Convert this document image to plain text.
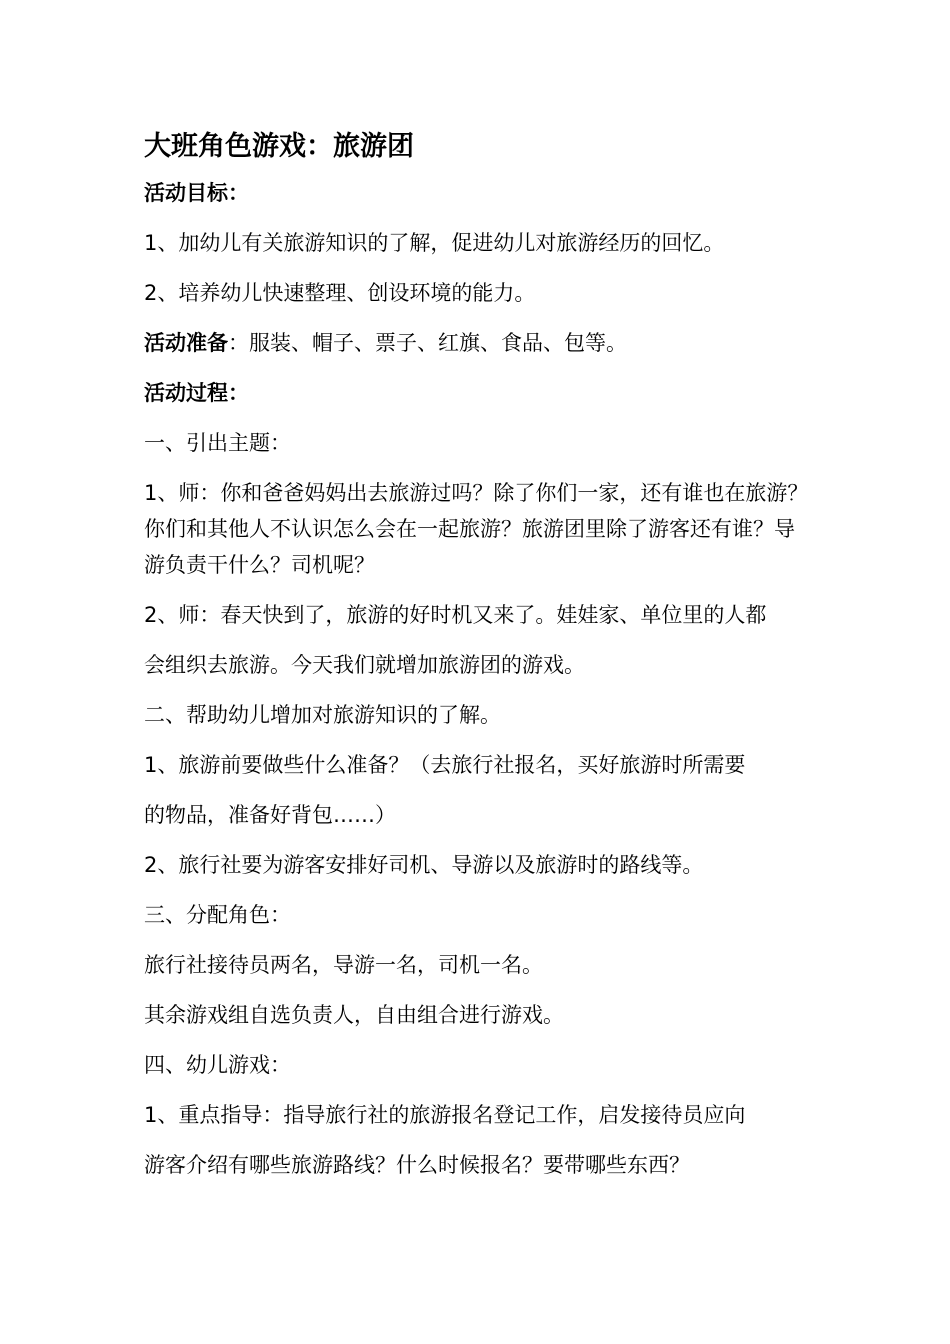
大班角色游戏：旅游团

活动目标：

1、加幼儿有关旅游知识的了解，促进幼儿对旅游经历的回忆。

2、培养幼儿快速整理、创设环境的能力。

活动准备：服装、帽子、票子、红旗、食品、包等。

活动过程：

一、引出主题：

1、师：你和爸爸妈妈出去旅游过吗？除了你们一家，还有谁也在旅游？你们和其他人不认识怎么会在一起旅游？旅游团里除了游客还有谁？导游负责干什么？司机呢？

2、师：春天快到了，旅游的好时机又来了。娃娃家、单位里的人都

会组织去旅游。今天我们就增加旅游团的游戏。

二、帮助幼儿增加对旅游知识的了解。

1、旅游前要做些什么准备？（去旅行社报名，买好旅游时所需要

的物品，准备好背包……）

2、旅行社要为游客安排好司机、导游以及旅游时的路线等。

三、分配角色：

旅行社接待员两名，导游一名，司机一名。

其余游戏组自选负责人，自由组合进行游戏。

四、幼儿游戏：

1、重点指导：指导旅行社的旅游报名登记工作，启发接待员应向

游客介绍有哪些旅游路线？什么时候报名？要带哪些东西？
